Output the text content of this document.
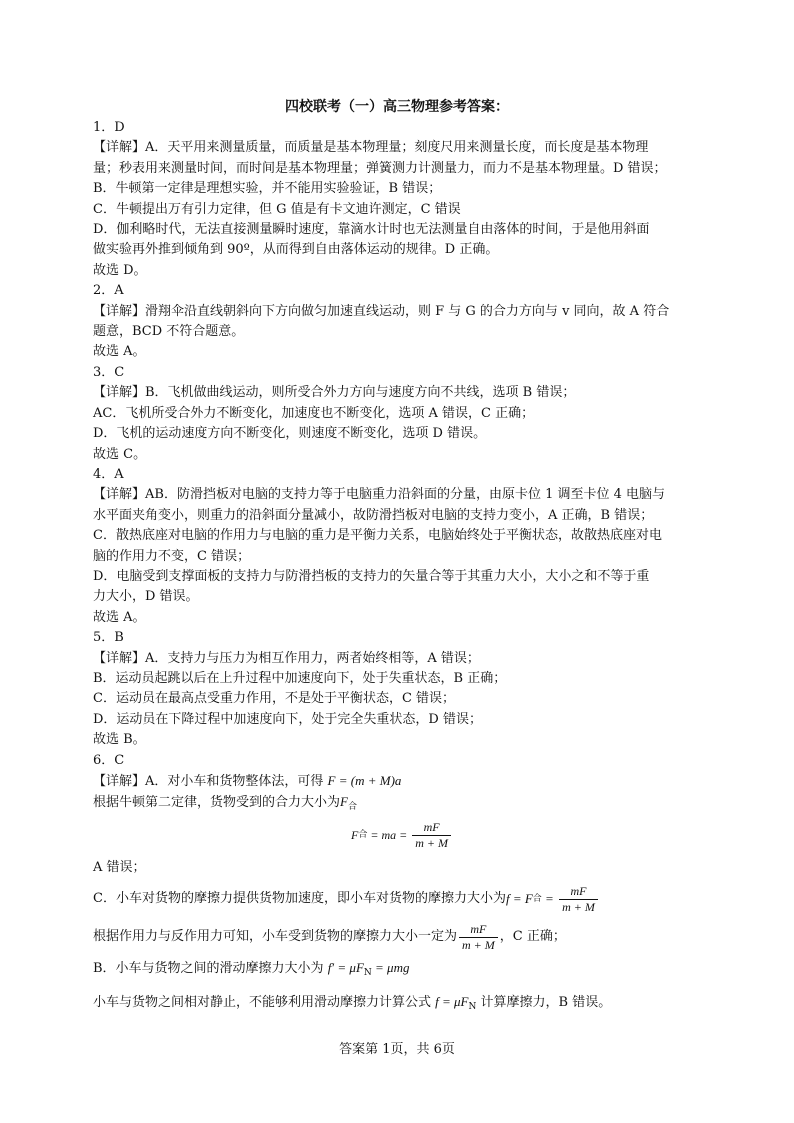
四校联考（一）高三物理参考答案：
1．D
【详解】A．天平用来测量质量，而质量是基本物理量；刻度尺用来测量长度，而长度是基本物理
量；秒表用来测量时间，而时间是基本物理量；弹簧测力计测量力，而力不是基本物理量。D 错误；
B．牛顿第一定律是理想实验，并不能用实验验证，B 错误；
C．牛顿提出万有引力定律，但 G 值是有卡文迪许测定，C 错误
D．伽利略时代，无法直接测量瞬时速度，靠滴水计时也无法测量自由落体的时间，于是他用斜面
做实验再外推到倾角到 90º，从而得到自由落体运动的规律。D 正确。
故选 D。
2．A
【详解】滑翔伞沿直线朝斜向下方向做匀加速直线运动，则 F 与 G 的合力方向与 v 同向，故 A 符合
题意，BCD 不符合题意。
故选 A。
3．C
【详解】B．飞机做曲线运动，则所受合外力方向与速度方向不共线，选项 B 错误；
AC．飞机所受合外力不断变化，加速度也不断变化，选项 A 错误，C 正确；
D．飞机的运动速度方向不断变化，则速度不断变化，选项 D 错误。
故选 C。
4．A
【详解】AB．防滑挡板对电脑的支持力等于电脑重力沿斜面的分量，由原卡位 1 调至卡位 4 电脑与
水平面夹角变小，则重力的沿斜面分量减小，故防滑挡板对电脑的支持力变小，A 正确，B 错误；
C．散热底座对电脑的作用力与电脑的重力是平衡力关系，电脑始终处于平衡状态，故散热底座对电
脑的作用力不变，C 错误；
D．电脑受到支撑面板的支持力与防滑挡板的支持力的矢量合等于其重力大小，大小之和不等于重
力大小，D 错误。
故选 A。
5．B
【详解】A．支持力与压力为相互作用力，两者始终相等，A 错误；
B．运动员起跳以后在上升过程中加速度向下，处于失重状态，B 正确；
C．运动员在最高点受重力作用，不是处于平衡状态，C 错误；
D．运动员在下降过程中加速度向下，处于完全失重状态，D 错误；
故选 B。
6．C
【详解】A．对小车和货物整体法，可得 F = (m + M)a
根据牛顿第二定律，货物受到的合力大小为$F_合$
F 合 = ma = $\frac{mF}{m + M}$
A 错误；
C．小车对货物的摩擦力提供货物加速度，即小车对货物的摩擦力大小为 f = F 合 = $\frac{mF}{m + M}$
根据作用力与反作用力可知，小车受到货物的摩擦力大小一定为 $\frac{mF}{m + M}$ ，C 正确；
B．小车与货物之间的滑动摩擦力大小为 $f' = \mu F_N = \mu mg$
小车与货物之间相对静止，不能够利用滑动摩擦力计算公式 $f = \mu F_N$ 计算摩擦力，B 错误。
答案第 1页，共 6页
